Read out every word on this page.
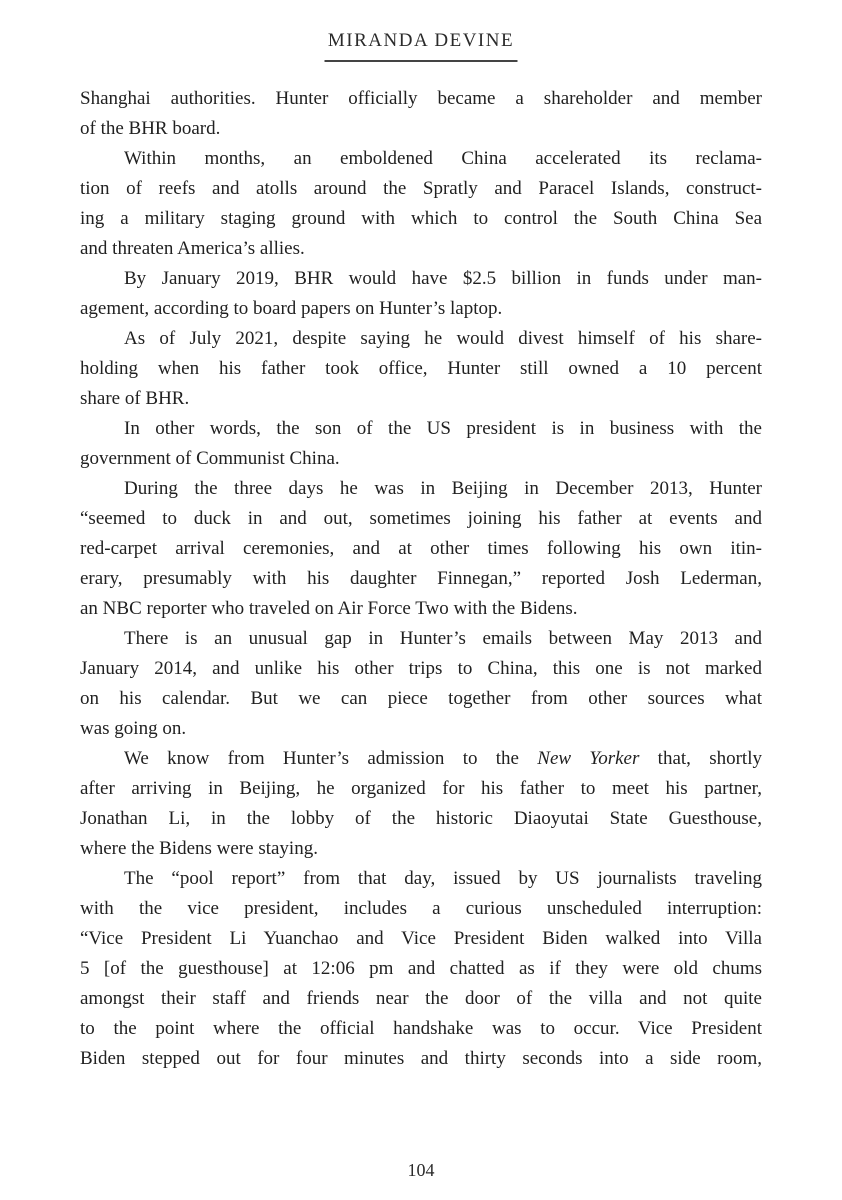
MIRANDA DEVINE
Shanghai authorities. Hunter officially became a shareholder and member
of the BHR board.
Within months, an emboldened China accelerated its reclama-
tion of reefs and atolls around the Spratly and Paracel Islands, construct-
ing a military staging ground with which to control the South China Sea
and threaten America’s allies.
By January 2019, BHR would have $2.5 billion in funds under man-
agement, according to board papers on Hunter’s laptop.
As of July 2021, despite saying he would divest himself of his share-
holding when his father took office, Hunter still owned a 10 percent
share of BHR.
In other words, the son of the US president is in business with the
government of Communist China.
During the three days he was in Beijing in December 2013, Hunter
“seemed to duck in and out, sometimes joining his father at events and
red-carpet arrival ceremonies, and at other times following his own itin-
erary, presumably with his daughter Finnegan,” reported Josh Lederman,
an NBC reporter who traveled on Air Force Two with the Bidens.
There is an unusual gap in Hunter’s emails between May 2013 and
January 2014, and unlike his other trips to China, this one is not marked
on his calendar. But we can piece together from other sources what
was going on.
We know from Hunter’s admission to the New Yorker that, shortly
after arriving in Beijing, he organized for his father to meet his partner,
Jonathan Li, in the lobby of the historic Diaoyutai State Guesthouse,
where the Bidens were staying.
The “pool report” from that day, issued by US journalists traveling
with the vice president, includes a curious unscheduled interruption:
“Vice President Li Yuanchao and Vice President Biden walked into Villa
5 [of the guesthouse] at 12:06 pm and chatted as if they were old chums
amongst their staff and friends near the door of the villa and not quite
to the point where the official handshake was to occur. Vice President
Biden stepped out for four minutes and thirty seconds into a side room,
104
